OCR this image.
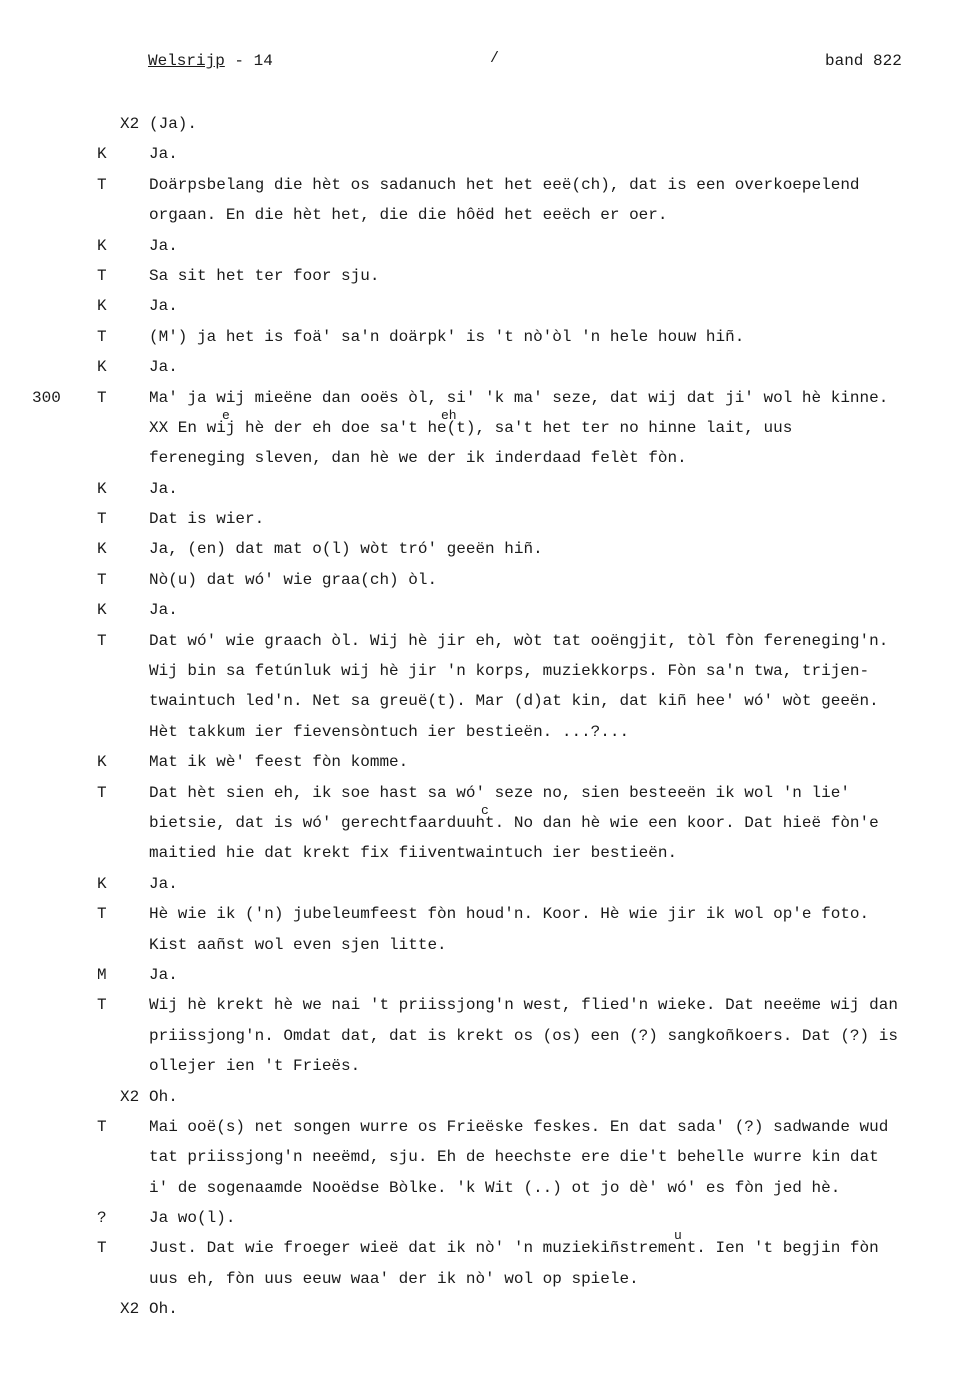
Welsrijp - 14	/	band 822
X2 (Ja).
K	Ja.
T	Doärpsbelang die hèt os sadanuch het het eeë(ch), dat is een overkoepelend
orgaan. En die hèt het, die die hôëd het eeëch er oer.
K	Ja.
T	Sa sit het ter foor sju.
K	Ja.
T	(M') ja het is foä' sa'n doärpk' is 't nò'òl 'n hele houw hiñ.
K	Ja.
300 T	Ma' ja wij mieëne dan ooës òl, si' 'k ma' seze, dat wij dat ji' wol hè kinne.
XX En wij hè der eh doe sa't he(t), sa't het ter no hinne lait, uus
e	eh
fereneging sleven, dan hè we der ik inderdaad felèt fòn.
K	Ja.
T	Dat is wier.
K	Ja, (en) dat mat o(l) wòt tró' geeën hiñ.
T	Nò(u) dat wó' wie graa(ch) òl.
K	Ja.
T	Dat wó' wie graach òl. Wij hè jir eh, wòt tat ooëngjit, tòl fòn fereneging'n.
Wij bin sa fetúnluk wij hè jir 'n korps, muziekkorps. Fòn sa'n twa, trijen-
twaintuch led'n. Net sa greuë(t). Mar (d)at kin, dat kiñ hee' wó' wòt geeën.
Hèt takkum ier fievensòntuch ier bestieën. ...?...
K	Mat ik wè' feest fòn komme.
T	Dat hèt sien eh, ik soe hast sa wó' seze no, sien besteeën ik wol 'n lie'
bietsie, dat is wó' gerechtfaarduuht. No dan hè wie een koor. Dat hieë fòn'e
c
maitied hie dat krekt fix fiiventwaintuch ier bestieën.
K	Ja.
T	Hè wie ik ('n) jubeleumfeest fòn houd'n. Koor. Hè wie jir ik wol op'e foto.
Kist aañst wol even sjen litte.
M	Ja.
T	Wij hè krekt hè we nai 't priissjong'n west, flied'n wieke. Dat neeëme wij dan
priissjong'n. Omdat dat, dat is krekt os (os) een (?) sangkoñkoers. Dat (?) is
ollejer ien 't Frieës.
X2 Oh.
T	Mai ooë(s) net songen wurre os Frieëske feskes. En dat sada' (?) sadwande wud
tat priissjong'n neeëmd, sju. Eh de heechste ere die't behelle wurre kin dat
i' de sogenaamde Nooëdse Bòlke. 'k Wit (..) ot jo dè' wó' es fòn jed hè.
?	Ja wo(l).
T	Just. Dat wie froeger wieë dat ik nò' 'n muziekiñstrement. Ien 't begjin fòn
u
uus eh, fòn uus eeuw waa' der ik nò' wol op spiele.
X2 Oh.
